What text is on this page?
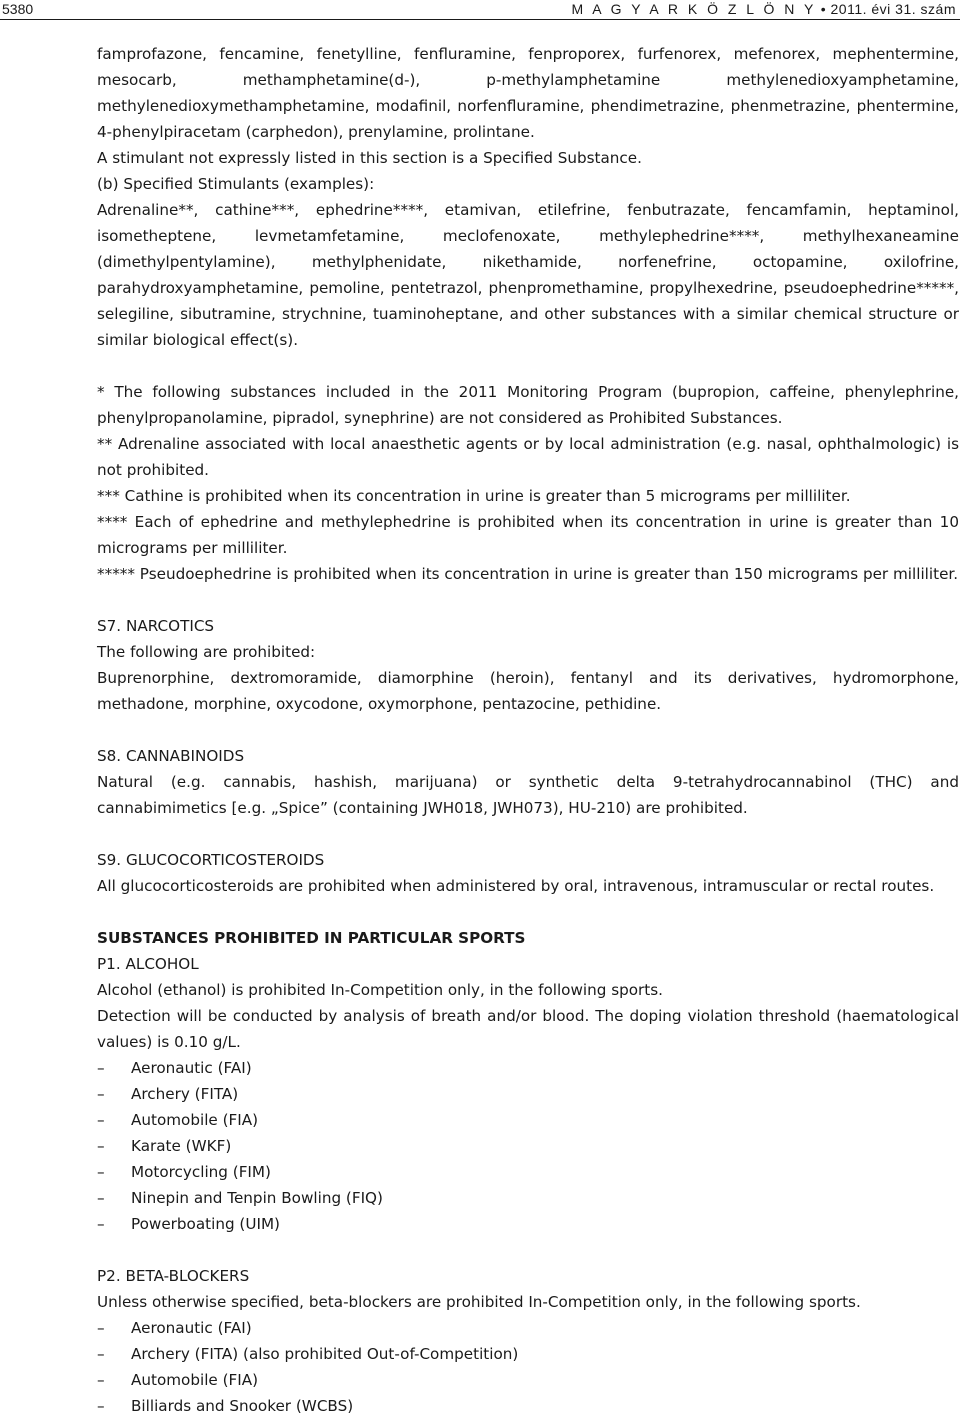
5380	M A G Y A R K Ö Z L Ö N Y • 2011. évi 31. szám

famprofazone, fencamine, fenetylline, fenfluramine, fenproporex, furfenorex, mefenorex, mephentermine, mesocarb, methamphetamine(d-), p-methylamphetamine methylenedioxyamphetamine, methylenedioxymethamphetamine, modafinil, norfenfluramine, phendimetrazine, phenmetrazine, phentermine, 4-phenylpiracetam (carphedon), prenylamine, prolintane.

A stimulant not expressly listed in this section is a Specified Substance.

(b) Specified Stimulants (examples):

Adrenaline**, cathine***, ephedrine****, etamivan, etilefrine, fenbutrazate, fencamfamin, heptaminol, isometheptene, levmetamfetamine, meclofenoxate, methylephedrine****, methylhexaneamine (dimethylpentylamine), methylphenidate, nikethamide, norfenefrine, octopamine, oxilofrine, parahydroxyamphetamine, pemoline, pentetrazol, phenpromethamine, propylhexedrine, pseudoephedrine*****, selegiline, sibutramine, strychnine, tuaminoheptane, and other substances with a similar chemical structure or similar biological effect(s).

* The following substances included in the 2011 Monitoring Program (bupropion, caffeine, phenylephrine, phenylpropanolamine, pipradol, synephrine) are not considered as Prohibited Substances.

** Adrenaline associated with local anaesthetic agents or by local administration (e.g. nasal, ophthalmologic) is not prohibited.

*** Cathine is prohibited when its concentration in urine is greater than 5 micrograms per milliliter.

**** Each of ephedrine and methylephedrine is prohibited when its concentration in urine is greater than 10 micrograms per milliliter.

***** Pseudoephedrine is prohibited when its concentration in urine is greater than 150 micrograms per milliliter.

S7. NARCOTICS

The following are prohibited:

Buprenorphine, dextromoramide, diamorphine (heroin), fentanyl and its derivatives, hydromorphone, methadone, morphine, oxycodone, oxymorphone, pentazocine, pethidine.

S8. CANNABINOIDS

Natural (e.g. cannabis, hashish, marijuana) or synthetic delta 9-tetrahydrocannabinol (THC) and cannabimimetics [e.g. „Spice” (containing JWH018, JWH073), HU-210) are prohibited.

S9. GLUCOCORTICOSTEROIDS

All glucocorticosteroids are prohibited when administered by oral, intravenous, intramuscular or rectal routes.

SUBSTANCES PROHIBITED IN PARTICULAR SPORTS

P1. ALCOHOL

Alcohol (ethanol) is prohibited In-Competition only, in the following sports.

Detection will be conducted by analysis of breath and/or blood. The doping violation threshold (haematological values) is 0.10 g/L.

– Aeronautic (FAI)

– Archery (FITA)

– Automobile (FIA)

– Karate (WKF)

– Motorcycling (FIM)

– Ninepin and Tenpin Bowling (FIQ)

– Powerboating (UIM)

P2. BETA-BLOCKERS

Unless otherwise specified, beta-blockers are prohibited In-Competition only, in the following sports.

– Aeronautic (FAI)

– Archery (FITA) (also prohibited Out-of-Competition)

– Automobile (FIA)

– Billiards and Snooker (WCBS)
